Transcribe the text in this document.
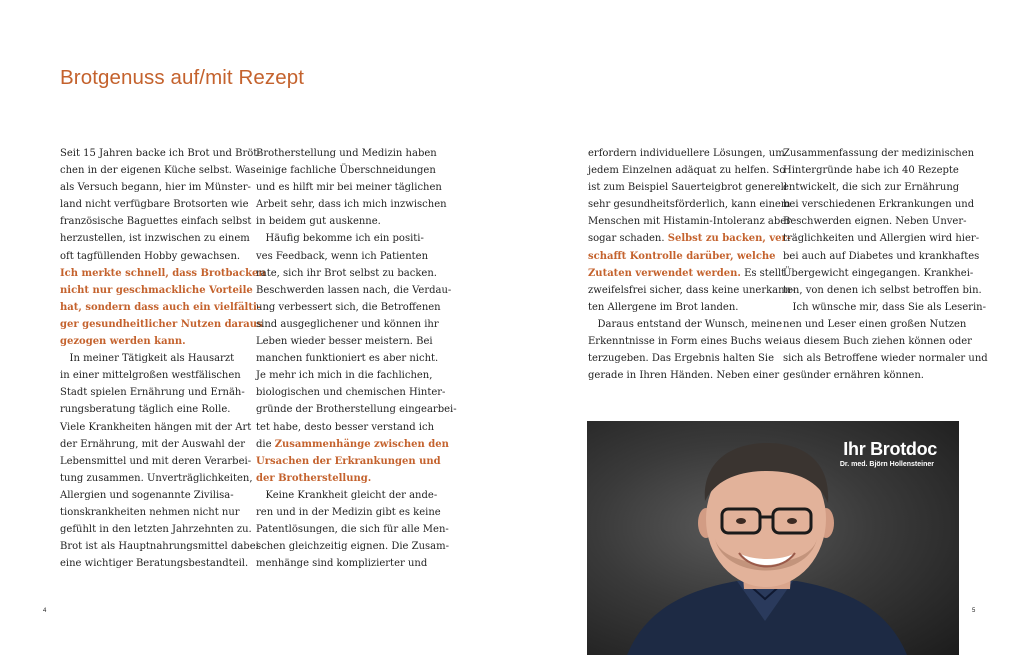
Brotgenuss auf/mit Rezept
Seit 15 Jahren backe ich Brot und Bröt-
chen in der eigenen Küche selbst. Was
als Versuch begann, hier im Münster-
land nicht verfügbare Brotsorten wie
französische Baguettes einfach selbst
herzustellen, ist inzwischen zu einem
oft tagfüllenden Hobby gewachsen.
Ich merkte schnell, dass Brotbacken
nicht nur geschmackliche Vorteile
hat, sondern dass auch ein vielfälti-
ger gesundheitlicher Nutzen daraus
gezogen werden kann.
In meiner Tätigkeit als Hausarzt
in einer mittelgroßen westfälischen
Stadt spielen Ernährung und Ernäh-
rungsberatung täglich eine Rolle.
Viele Krankheiten hängen mit der Art
der Ernährung, mit der Auswahl der
Lebensmittel und mit deren Verarbei-
tung zusammen. Unverträglichkeiten,
Allergien und sogenannte Zivilisa-
tionskrankheiten nehmen nicht nur
gefühlt in den letzten Jahrzehnten zu.
Brot ist als Hauptnahrungsmittel dabei
eine wichtiger Beratungsbestandteil.
Brotherstellung und Medizin haben
einige fachliche Überschneidungen
und es hilft mir bei meiner täglichen
Arbeit sehr, dass ich mich inzwischen
in beidem gut auskenne.
Häufig bekomme ich ein positi-
ves Feedback, wenn ich Patienten
rate, sich ihr Brot selbst zu backen.
Beschwerden lassen nach, die Verdau-
ung verbessert sich, die Betroffenen
sind ausgeglichener und können ihr
Leben wieder besser meistern. Bei
manchen funktioniert es aber nicht.
Je mehr ich mich in die fachlichen,
biologischen und chemischen Hinter-
gründe der Brotherstellung eingearbei-
tet habe, desto besser verstand ich
die Zusammenhänge zwischen den
Ursachen der Erkrankungen und
der Brotherstellung.
Keine Krankheit gleicht der ande-
ren und in der Medizin gibt es keine
Patentlösungen, die sich für alle Men-
schen gleichzeitig eignen. Die Zusam-
menhänge sind komplizierter und
erfordern individuellere Lösungen, um
jedem Einzelnen adäquat zu helfen. So
ist zum Beispiel Sauerteigbrot generell
sehr gesundheitsförderlich, kann einem
Menschen mit Histamin-Intoleranz aber
sogar schaden. Selbst zu backen, ver-
schafft Kontrolle darüber, welche
Zutaten verwendet werden. Es stellt
zweifelsfrei sicher, dass keine unerkann-
ten Allergene im Brot landen.
Daraus entstand der Wunsch, meine
Erkenntnisse in Form eines Buchs wei-
terzugeben. Das Ergebnis halten Sie
gerade in Ihren Händen. Neben einer
Zusammenfassung der medizinischen
Hintergründe habe ich 40 Rezepte
entwickelt, die sich zur Ernährung
bei verschiedenen Erkrankungen und
Beschwerden eignen. Neben Unver-
träglichkeiten und Allergien wird hier-
bei auch auf Diabetes und krankhaftes
Übergewicht eingegangen. Krankhei-
ten, von denen ich selbst betroffen bin.
Ich wünsche mir, dass Sie als Leserin-
nen und Leser einen großen Nutzen
aus diesem Buch ziehen können oder
sich als Betroffene wieder normaler und
gesünder ernähren können.
4	5
Ihr Brotdoc
Dr. med. Björn Hollensteiner
